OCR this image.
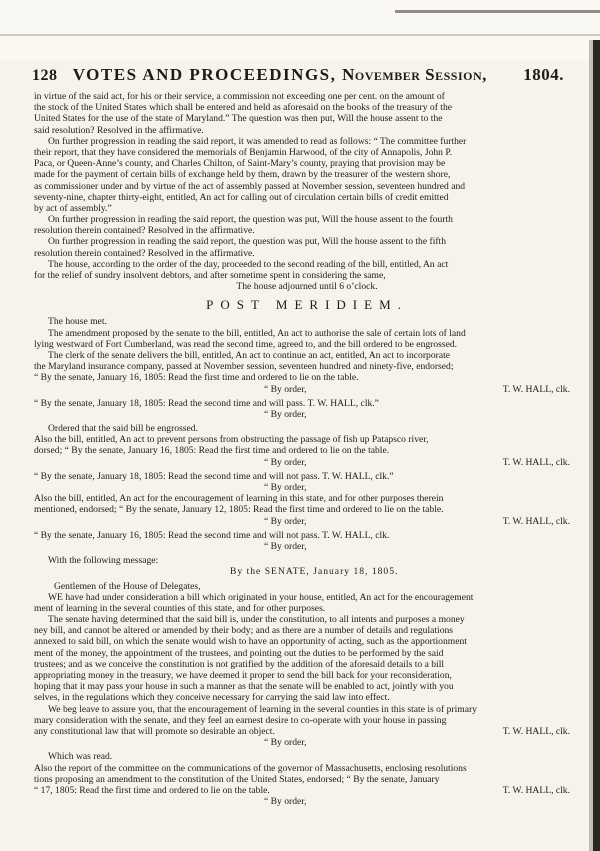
128 VOTES AND PROCEEDINGS, November Session, 1804.
in virtue of the said act, for his or their service, a commission not exceeding one per cent. on the amount of
the stock of the United States which shall be entered and held as aforesaid on the books of the treasury of the
United States for the use of the state of Maryland.” The question was then put, Will the house assent to the
said resolution? Resolved in the affirmative.
On further progression in reading the said report, it was amended to read as follows: “ The committee further
their report, that they have considered the memorials of Benjamin Harwood, of the city of Annapolis, John P.
Paca, or Queen-Anne’s county, and Charles Chilton, of Saint-Mary’s county, praying that provision may be
made for the payment of certain bills of exchange held by them, drawn by the treasurer of the western shore,
as commissioner under and by virtue of the act of assembly passed at November session, seventeen hundred and
seventy-nine, chapter thirty-eight, entitled, An act for calling out of circulation certain bills of credit emitted
by act of assembly.”
On further progression in reading the said report, the question was put, Will the house assent to the fourth
resolution therein contained? Resolved in the affirmative.
On further progression in reading the said report, the question was put, Will the house assent to the fifth
resolution therein contained? Resolved in the affirmative.
The house, according to the order of the day, proceeded to the second reading of the bill, entitled, An act
for the relief of sundry insolvent debtors, and after sometime spent in considering the same,
The house adjourned until 6 o’clock.
POST MERIDIEM.
The house met.
The amendment proposed by the senate to the bill, entitled, An act to authorise the sale of certain lots of land
lying westward of Fort Cumberland, was read the second time, agreed to, and the bill ordered to be engrossed.
The clerk of the senate delivers the bill, entitled, An act to continue an act, entitled, An act to incorporate
the Maryland insurance company, passed at November session, seventeen hundred and ninety-five, endorsed;
“ By the senate, January 16, 1805: Read the first time and ordered to lie on the table.
“ By order,	T. W. HALL, clk.
“ By the senate, January 18, 1805: Read the second time and will pass. T. W. HALL, clk.”
“ By order,
Ordered that the said bill be engrossed.
Also the bill, entitled, An act to prevent persons from obstructing the passage of fish up Patapsco river,
dorsed; “ By the senate, January 16, 1805: Read the first time and ordered to lie on the table.
“ By order,	T. W. HALL, clk.
“ By the senate, January 18, 1805: Read the second time and will not pass. T. W. HALL, clk.”
“ By order,
Also the bill, entitled, An act for the encouragement of learning in this state, and for other purposes therein
mentioned, endorsed; “ By the senate, January 12, 1805: Read the first time and ordered to lie on the table.
“ By order,	T. W. HALL, clk.
“ By the senate, January 16, 1805: Read the second time and will not pass. T. W. HALL, clk.
“ By order,
With the following message:
By the SENATE, January 18, 1805.
Gentlemen of the House of Delegates,
WE have had under consideration a bill which originated in your house, entitled, An act for the encouragement
ment of learning in the several counties of this state, and for other purposes.
The senate having determined that the said bill is, under the constitution, to all intents and purposes a money
ney bill, and cannot be altered or amended by their body; and as there are a number of details and regulations
annexed to said bill, on which the senate would wish to have an opportunity of acting, such as the apportionment
ment of the money, the appointment of the trustees, and pointing out the duties to be performed by the said
trustees; and as we conceive the constitution is not gratified by the addition of the aforesaid details to a bill
appropriating money in the treasury, we have deemed it proper to send the bill back for your reconsideration,
hoping that it may pass your house in such a manner as that the senate will be enabled to act, jointly with you
selves, in the regulations which they conceive necessary for carrying the said law into effect.
We beg leave to assure you, that the encouragement of learning in the several counties in this state is of primary
mary consideration with the senate, and they feel an earnest desire to co-operate with your house in passing
any constitutional law that will promote so desirable an object.	T. W. HALL, clk.
“ By order,
Which was read.
Also the report of the committee on the communications of the governor of Massachusetts, enclosing resolutions
tions proposing an amendment to the constitution of the United States, endorsed; “ By the senate, January
“ 17, 1805: Read the first time and ordered to lie on the table.	T. W. HALL, clk.
“ By order,
